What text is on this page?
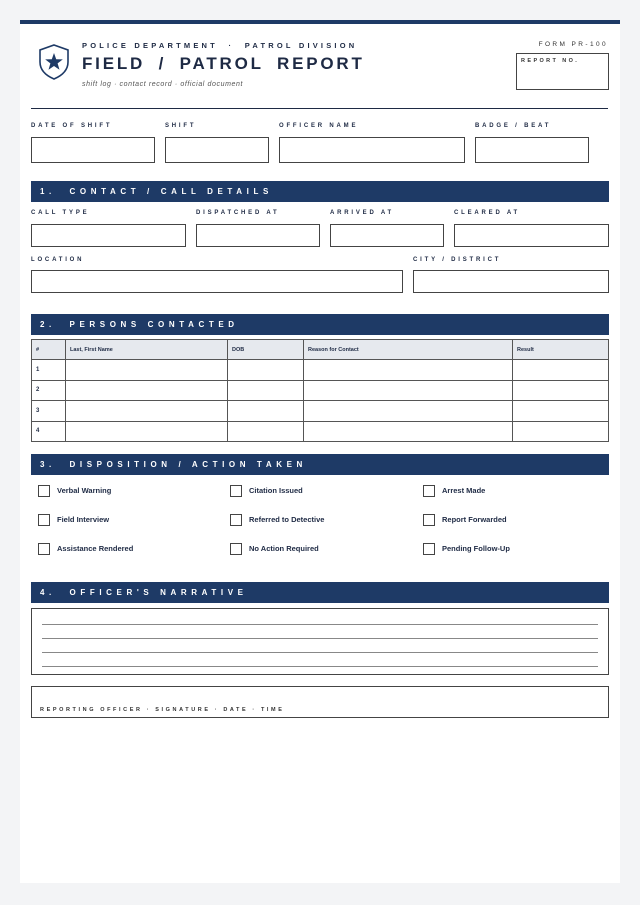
POLICE DEPARTMENT  ·  PATROL DIVISION
FIELD / PATROL REPORT
shift log · contact record · official document
FORM PR-100
REPORT NO.
DATE OF SHIFT	SHIFT	OFFICER NAME	BADGE / BEAT
1.  CONTACT / CALL DETAILS
CALL TYPE	DISPATCHED AT	ARRIVED AT	CLEARED AT
LOCATION	CITY / DISTRICT
2.  PERSONS CONTACTED
#	Last, First Name	DOB	Reason for Contact	Result
1				
2				
3				
4				
3.  DISPOSITION / ACTION TAKEN
Verbal Warning	Citation Issued	Arrest Made
Field Interview	Referred to Detective	Report Forwarded
Assistance Rendered	No Action Required	Pending Follow-Up
4.  OFFICER'S NARRATIVE
REPORTING OFFICER · SIGNATURE · DATE · TIME
